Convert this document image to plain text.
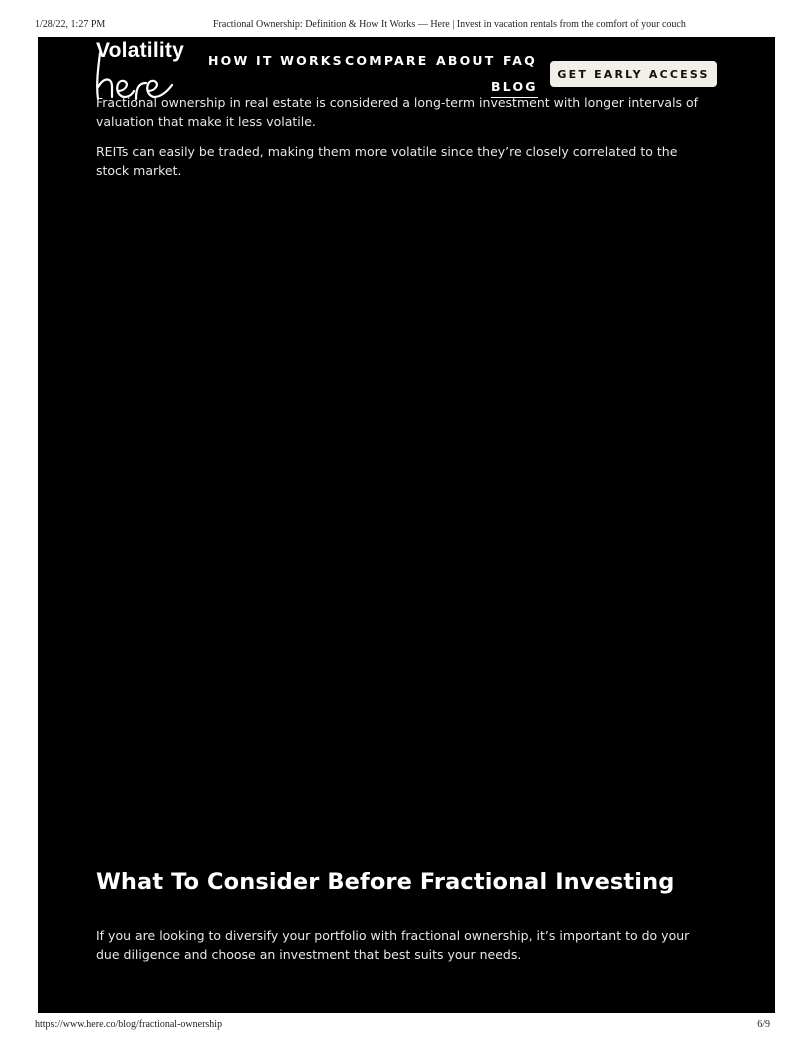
1/28/22, 1:27 PM	Fractional Ownership: Definition & How It Works — Here | Invest in vacation rentals from the comfort of your couch
Volatility HOW IT WORKS COMPARE ABOUT FAQ
BLOG
GET EARLY ACCESS

Fractional ownership in real estate is considered a long-term investment with longer intervals of valuation that make it less volatile.

REITs can easily be traded, making them more volatile since they’re closely correlated to the stock market.

What To Consider Before Fractional Investing

If you are looking to diversify your portfolio with fractional ownership, it’s important to do your due diligence and choose an investment that best suits your needs.

https://www.here.co/blog/fractional-ownership	6/9
